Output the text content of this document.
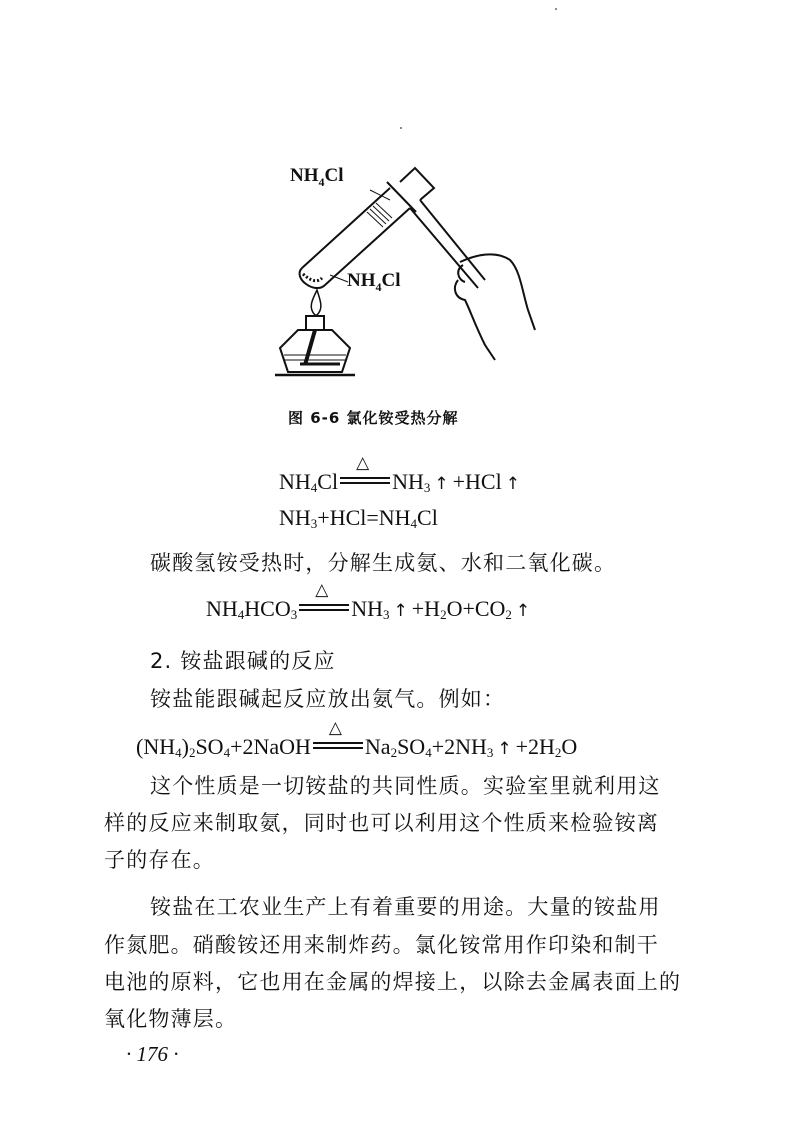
$NH_4Cl$
$NH_4Cl$
图 6-6 氯化铵受热分解
$NH_4Cl$
△
$NH_3$ ↑ +HCl ↑
$NH_3+HCl=NH_4Cl$
碳酸氢铵受热时，分解生成氨、水和二氧化碳。
$NH_4HCO_3$
△
$NH_3$ ↑ $+H_2O+CO_2$ ↑
2. 铵盐跟碱的反应
铵盐能跟碱起反应放出氨气。例如：
$(NH_4)_2SO_4+2NaOH$
△
$Na_2SO_4+2NH_3$ ↑ $+2H_2O$
这个性质是一切铵盐的共同性质。实验室里就利用这
样的反应来制取氨，同时也可以利用这个性质来检验铵离
子的存在。
铵盐在工农业生产上有着重要的用途。大量的铵盐用
作氮肥。硝酸铵还用来制炸药。氯化铵常用作印染和制干
电池的原料，它也用在金属的焊接上，以除去金属表面上的
氧化物薄层。
· 176 ·
